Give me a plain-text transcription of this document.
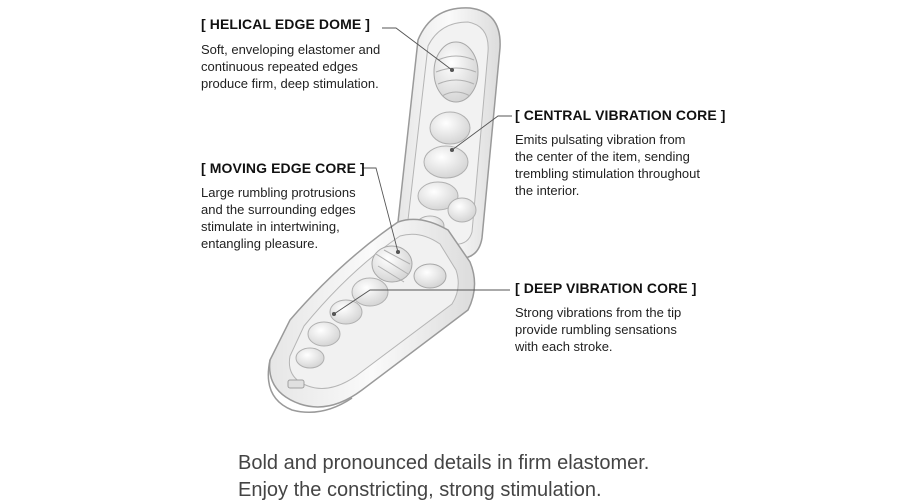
[ HELICAL EDGE DOME ]
Soft, enveloping elastomer and
continuous repeated edges
produce firm, deep stimulation.
[ CENTRAL VIBRATION CORE ]
Emits pulsating vibration from
the center of the item, sending
trembling stimulation throughout
the interior.
[ MOVING EDGE CORE ]
Large rumbling protrusions
and the surrounding edges
stimulate in intertwining,
entangling pleasure.
[ DEEP VIBRATION CORE ]
Strong vibrations from the tip
provide rumbling sensations
with each stroke.
Bold and pronounced details in firm elastomer.
Enjoy the constricting, strong stimulation.
